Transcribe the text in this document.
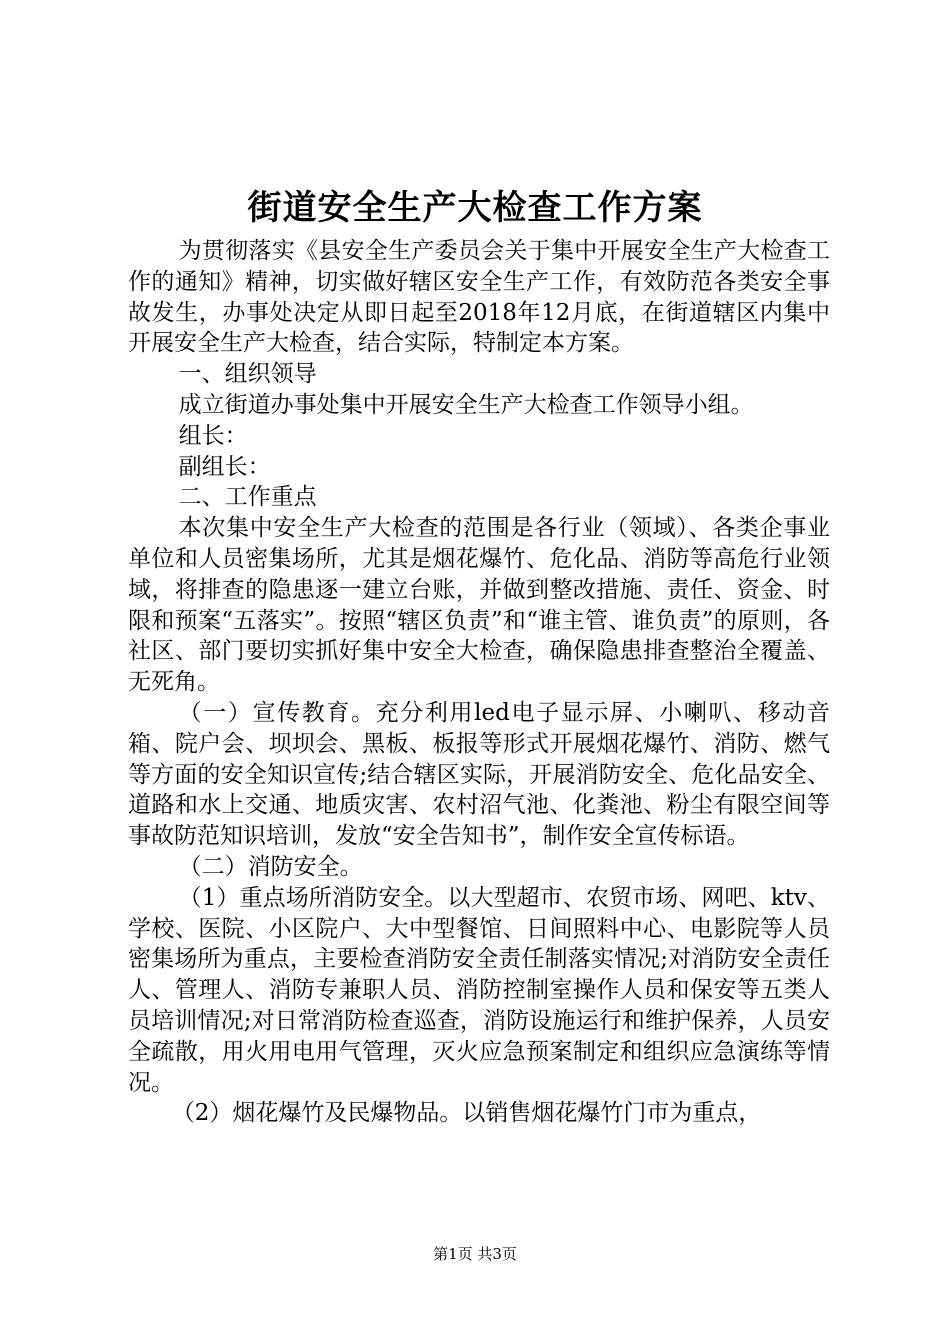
街道安全生产大检查工作方案

为贯彻落实《县安全生产委员会关于集中开展安全生产大检查工作的通知》精神，切实做好辖区安全生产工作，有效防范各类安全事故发生，办事处决定从即日起至2018年12月底，在街道辖区内集中开展安全生产大检查，结合实际，特制定本方案。

一、组织领导

成立街道办事处集中开展安全生产大检查工作领导小组。

组长：

副组长：

二、工作重点

本次集中安全生产大检查的范围是各行业（领域）、各类企事业单位和人员密集场所，尤其是烟花爆竹、危化品、消防等高危行业领域，将排查的隐患逐一建立台账，并做到整改措施、责任、资金、时限和预案“五落实”。按照“辖区负责”和“谁主管、谁负责”的原则，各社区、部门要切实抓好集中安全大检查，确保隐患排查整治全覆盖、无死角。

（一）宣传教育。充分利用led电子显示屏、小喇叭、移动音箱、院户会、坝坝会、黑板、板报等形式开展烟花爆竹、消防、燃气等方面的安全知识宣传;结合辖区实际，开展消防安全、危化品安全、道路和水上交通、地质灾害、农村沼气池、化粪池、粉尘有限空间等事故防范知识培训，发放“安全告知书”，制作安全宣传标语。

（二）消防安全。

（1）重点场所消防安全。以大型超市、农贸市场、网吧、ktv、学校、医院、小区院户、大中型餐馆、日间照料中心、电影院等人员密集场所为重点，主要检查消防安全责任制落实情况;对消防安全责任人、管理人、消防专兼职人员、消防控制室操作人员和保安等五类人员培训情况;对日常消防检查巡查，消防设施运行和维护保养，人员安全疏散，用火用电用气管理，灭火应急预案制定和组织应急演练等情况。

（2）烟花爆竹及民爆物品。以销售烟花爆竹门市为重点，

第1页 共3页
